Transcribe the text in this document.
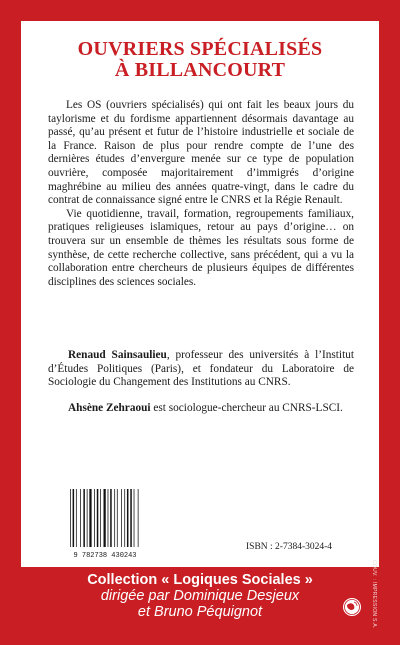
OUVRIERS SPÉCIALISÉS
À BILLANCOURT

Les OS (ouvriers spécialisés) qui ont fait les beaux jours du taylorisme et du fordisme appartiennent désormais davantage au passé, qu’au présent et futur de l’histoire industrielle et sociale de la France. Raison de plus pour rendre compte de l’une des dernières études d’envergure menée sur ce type de population ouvrière, composée majoritairement d’immigrés d’origine maghrébine au milieu des années quatre-vingt, dans le cadre du contrat de connaissance signé entre le CNRS et la Régie Renault.

Vie quotidienne, travail, formation, regroupements familiaux, pratiques religieuses islamiques, retour au pays d’origine… on trouvera sur un ensemble de thèmes les résultats sous forme de synthèse, de cette recherche collective, sans précédent, qui a vu la collaboration entre chercheurs de plusieurs équipes de différentes disciplines des sciences sociales.

Renaud Sainsaulieu, professeur des universités à l’Institut d’Études Politiques (Paris), et fondateur du Laboratoire de Sociologie du Changement des Institutions au CNRS.

Ahsène Zehraoui est sociologue-chercheur au CNRS-LSCI.

9 782738 430243
ISBN : 2-7384-3024-4
Collection « Logiques Sociales »
dirigée par Dominique Desjeux
et Bruno Péquignot	COUV. : IMPRESSION S.A.
